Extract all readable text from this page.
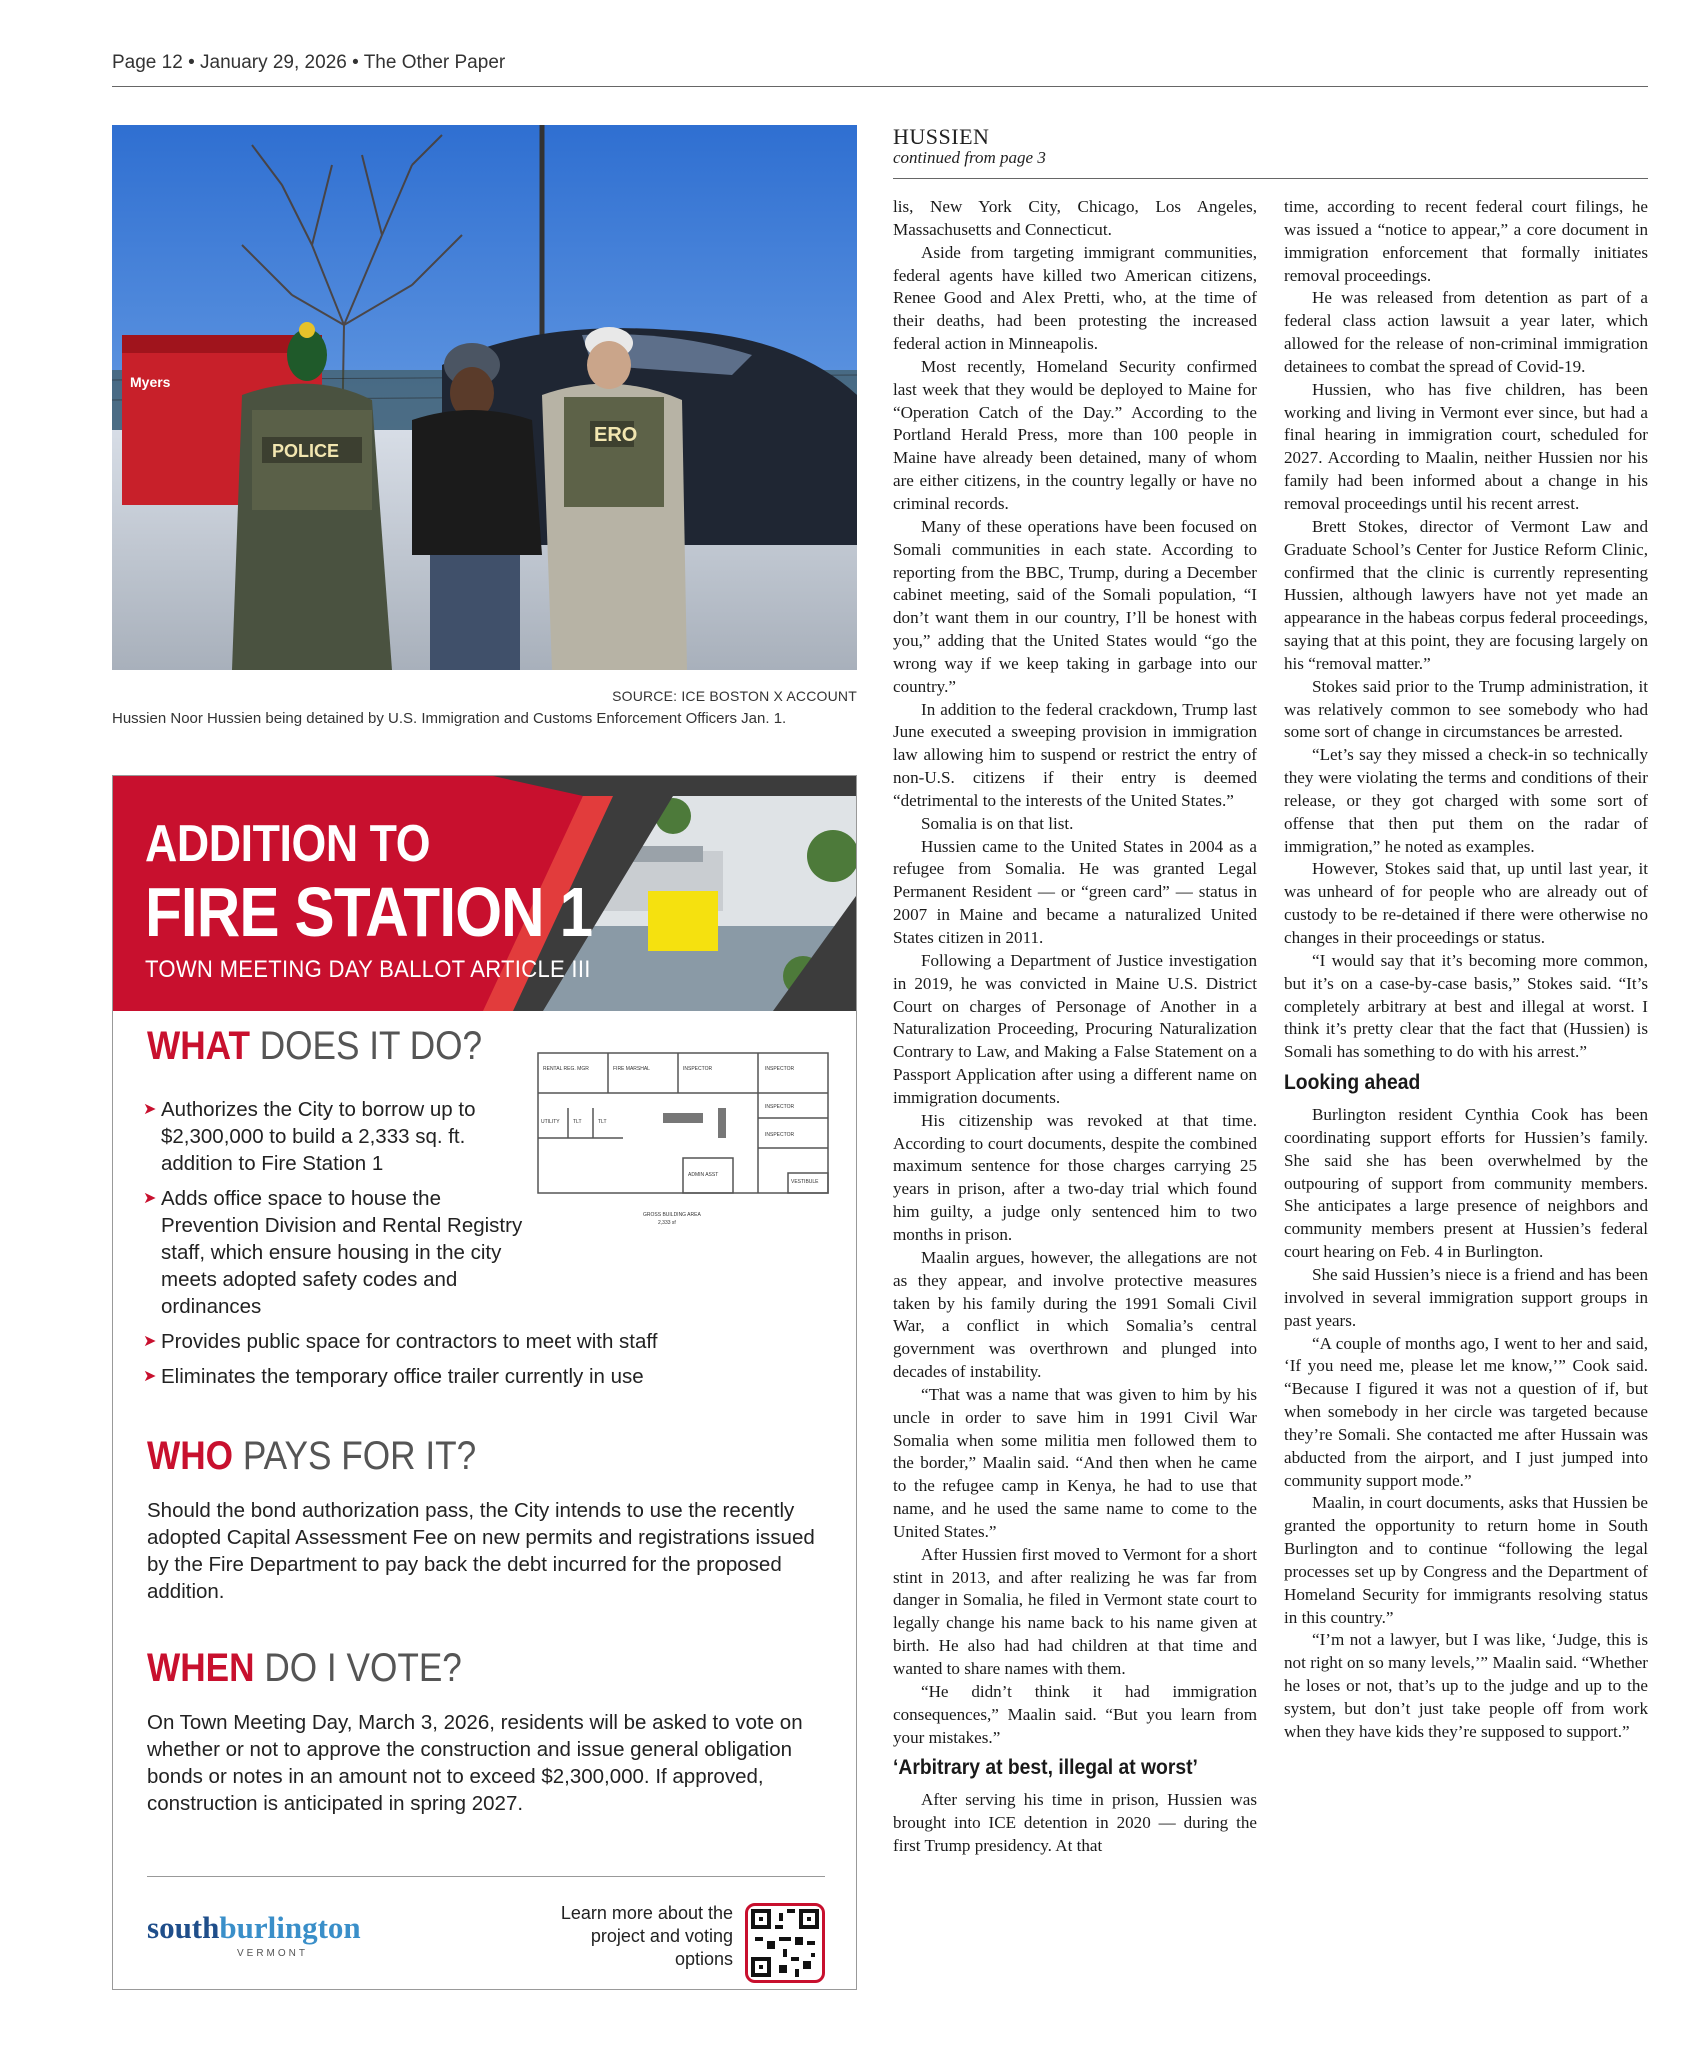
Page 12 • January 29, 2026 • The Other Paper
Myers
POLICE
ERO
SOURCE: ICE BOSTON X ACCOUNT
Hussien Noor Hussien being detained by U.S. Immigration and Customs Enforcement Officers Jan. 1.
ADDITION TO
FIRE STATION 1
TOWN MEETING DAY BALLOT ARTICLE III
WHAT DOES IT DO?
RENTAL REG. MGR	FIRE MARSHAL	INSPECTOR	INSPECTOR
INSPECTOR
INSPECTOR
UTILITY	TLT	TLT
ADMIN ASST
VESTIBULE
GROSS BUILDING AREA
2,333 sf
➤ Authorizes the City to borrow up to $2,300,000 to build a 2,333 sq. ft. addition to Fire Station 1
➤ Adds office space to house the Prevention Division and Rental Registry staff, which ensure housing in the city meets adopted safety codes and ordinances
➤ Provides public space for contractors to meet with staff
➤ Eliminates the temporary office trailer currently in use
WHO PAYS FOR IT?
Should the bond authorization pass, the City intends to use the recently adopted Capital Assessment Fee on new permits and registrations issued by the Fire Department to pay back the debt incurred for the proposed addition.
WHEN DO I VOTE?
On Town Meeting Day, March 3, 2026, residents will be asked to vote on whether or not to approve the construction and issue general obligation bonds or notes in an amount not to exceed $2,300,000. If approved, construction is anticipated in spring 2027.
southburlington
VERMONT
Learn more about the project and voting options
HUSSIEN
continued from page 3

lis, New York City, Chicago, Los Angeles, Massachusetts and Connecticut.

Aside from targeting immigrant communities, federal agents have killed two American citizens, Renee Good and Alex Pretti, who, at the time of their deaths, had been protesting the increased federal action in Minneapolis.

Most recently, Homeland Security confirmed last week that they would be deployed to Maine for “Operation Catch of the Day.” According to the Portland Herald Press, more than 100 people in Maine have already been detained, many of whom are either citizens, in the country legally or have no criminal records.

Many of these operations have been focused on Somali communities in each state. According to reporting from the BBC, Trump, during a December cabinet meeting, said of the Somali population, “I don’t want them in our country, I’ll be honest with you,” adding that the United States would “go the wrong way if we keep taking in garbage into our country.”

In addition to the federal crackdown, Trump last June executed a sweeping provision in immigration law allowing him to suspend or restrict the entry of non-U.S. citizens if their entry is deemed “detrimental to the interests of the United States.”

Somalia is on that list.

Hussien came to the United States in 2004 as a refugee from Somalia. He was granted Legal Permanent Resident — or “green card” — status in 2007 in Maine and became a naturalized United States citizen in 2011.

Following a Department of Justice investigation in 2019, he was convicted in Maine U.S. District Court on charges of Personage of Another in a Naturalization Proceeding, Procuring Naturalization Contrary to Law, and Making a False Statement on a Passport Application after using a different name on immigration documents.

His citizenship was revoked at that time. According to court documents, despite the combined maximum sentence for those charges carrying 25 years in prison, after a two-day trial which found him guilty, a judge only sentenced him to two months in prison.

Maalin argues, however, the allegations are not as they appear, and involve protective measures taken by his family during the 1991 Somali Civil War, a conflict in which Somalia’s central government was overthrown and plunged into decades of instability.

“That was a name that was given to him by his uncle in order to save him in 1991 Civil War Somalia when some militia men followed them to the border,” Maalin said. “And then when he came to the refugee camp in Kenya, he had to use that name, and he used the same name to come to the United States.”

After Hussien first moved to Vermont for a short stint in 2013, and after realizing he was far from danger in Somalia, he filed in Vermont state court to legally change his name back to his name given at birth. He also had had children at that time and wanted to share names with them.

“He didn’t think it had immigration consequences,” Maalin said. “But you learn from your mistakes.”

‘Arbitrary at best, illegal at worst’

After serving his time in prison, Hussien was brought into ICE detention in 2020 — during the first Trump presidency. At that

time, according to recent federal court filings, he was issued a “notice to appear,” a core document in immigration enforcement that formally initiates removal proceedings.

He was released from detention as part of a federal class action lawsuit a year later, which allowed for the release of non-criminal immigration detainees to combat the spread of Covid-19.

Hussien, who has five children, has been working and living in Vermont ever since, but had a final hearing in immigration court, scheduled for 2027. According to Maalin, neither Hussien nor his family had been informed about a change in his removal proceedings until his recent arrest.

Brett Stokes, director of Vermont Law and Graduate School’s Center for Justice Reform Clinic, confirmed that the clinic is currently representing Hussien, although lawyers have not yet made an appearance in the habeas corpus federal proceedings, saying that at this point, they are focusing largely on his “removal matter.”

Stokes said prior to the Trump administration, it was relatively common to see somebody who had some sort of change in circumstances be arrested.

“Let’s say they missed a check-in so technically they were violating the terms and conditions of their release, or they got charged with some sort of offense that then put them on the radar of immigration,” he noted as examples.

However, Stokes said that, up until last year, it was unheard of for people who are already out of custody to be re-detained if there were otherwise no changes in their proceedings or status.

“I would say that it’s becoming more common, but it’s on a case-by-case basis,” Stokes said. “It’s completely arbitrary at best and illegal at worst. I think it’s pretty clear that the fact that (Hussien) is Somali has something to do with his arrest.”

Looking ahead

Burlington resident Cynthia Cook has been coordinating support efforts for Hussien’s family. She said she has been overwhelmed by the outpouring of support from community members. She anticipates a large presence of neighbors and community members present at Hussien’s federal court hearing on Feb. 4 in Burlington.

She said Hussien’s niece is a friend and has been involved in several immigration support groups in past years.

“A couple of months ago, I went to her and said, ‘If you need me, please let me know,’” Cook said. “Because I figured it was not a question of if, but when somebody in her circle was targeted because they’re Somali. She contacted me after Hussain was abducted from the airport, and I just jumped into community support mode.”

Maalin, in court documents, asks that Hussien be granted the opportunity to return home in South Burlington and to continue “following the legal processes set up by Congress and the Department of Homeland Security for immigrants resolving status in this country.”

“I’m not a lawyer, but I was like, ‘Judge, this is not right on so many levels,’” Maalin said. “Whether he loses or not, that’s up to the judge and up to the system, but don’t just take people off from work when they have kids they’re supposed to support.”
